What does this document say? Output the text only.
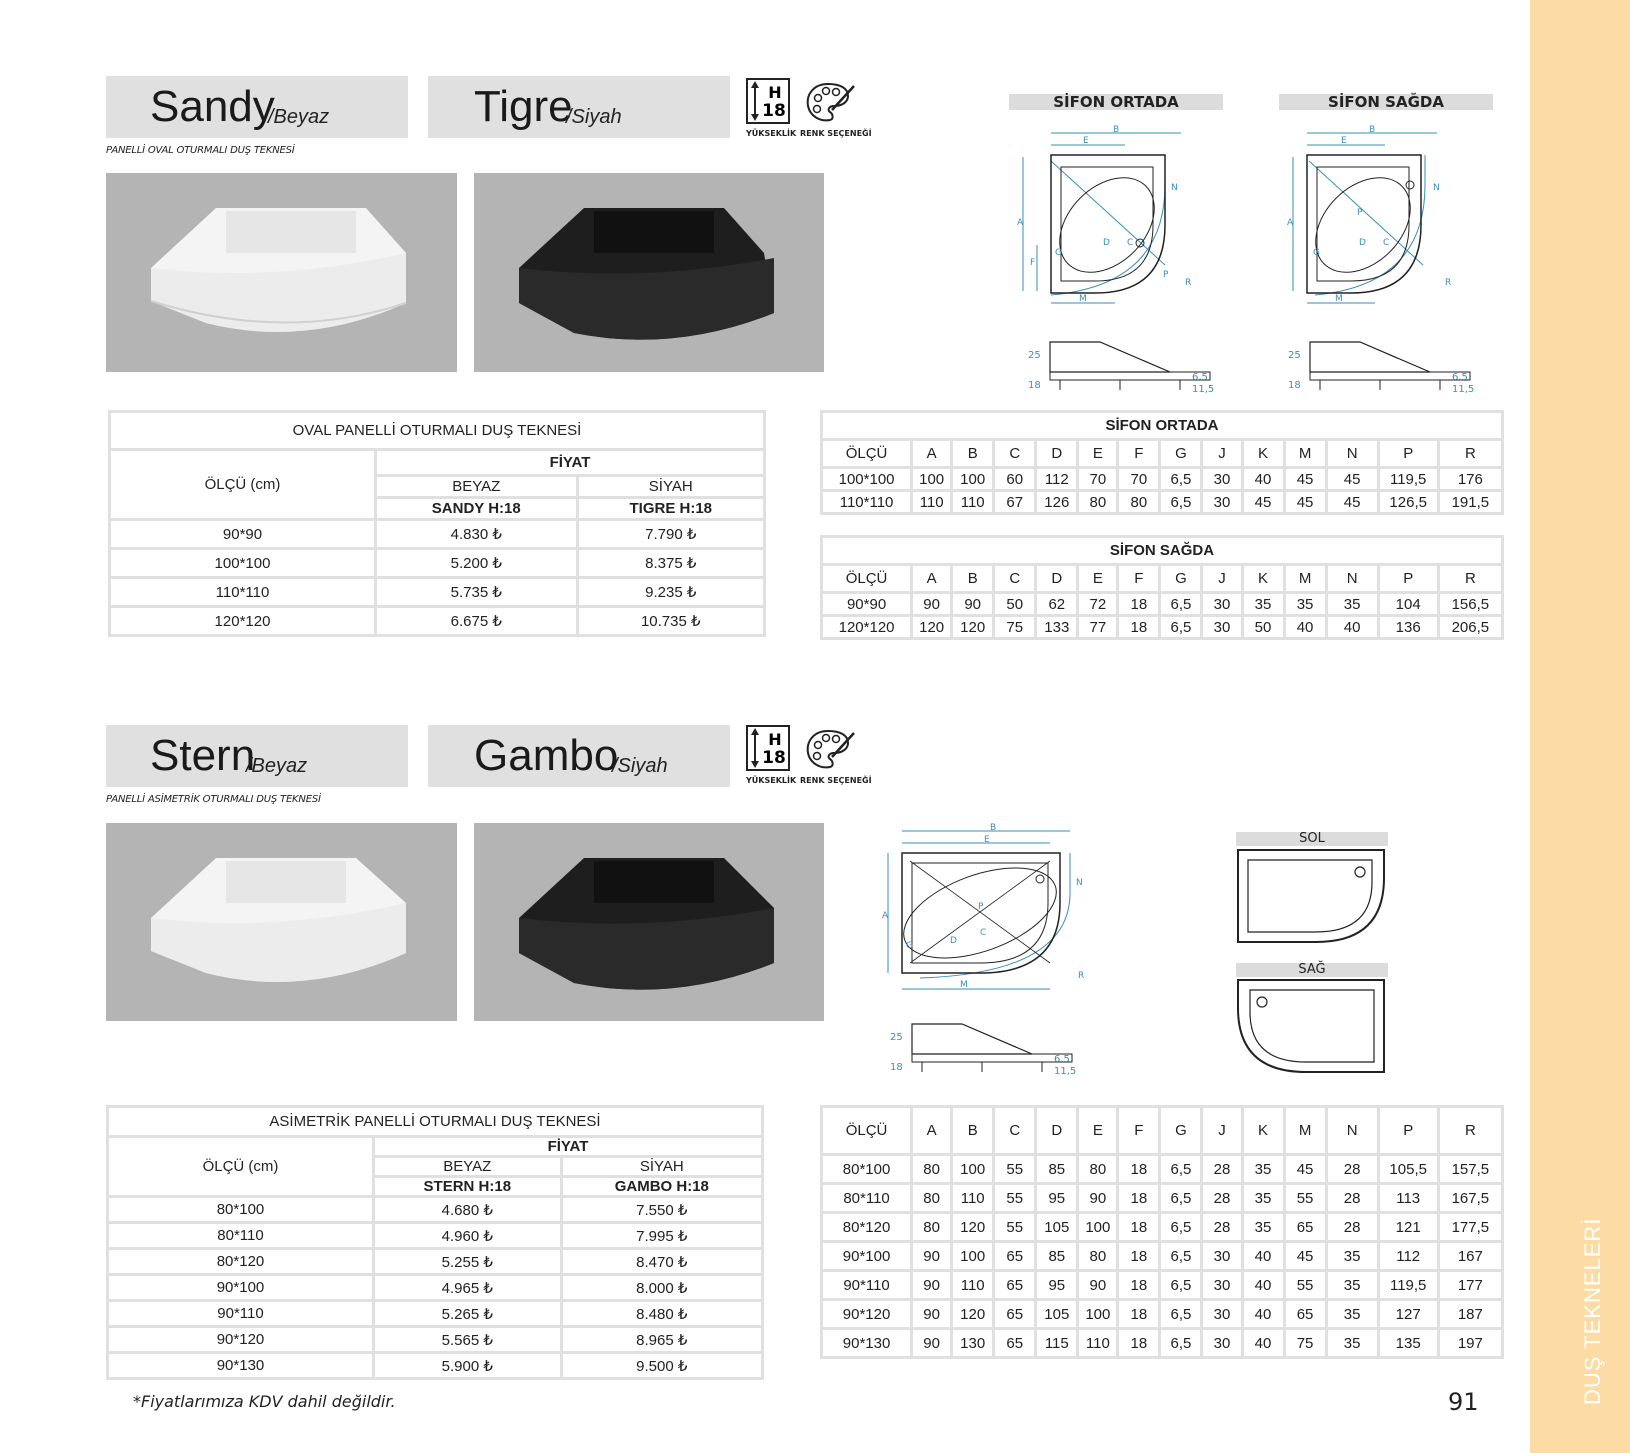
DUŞ TEKNELERİ
Sandy
/Beyaz	Tigre
/Siyah
PANELLİ OVAL OTURMALI DUŞ TEKNESİ
H
18
YÜKSEKLİK RENK SEÇENEĞİ
SİFON ORTADA	SİFON SAĞDA
B
E
A
F
M
N
G
D C
P
R
B
E
A
M
N
G
D C
P
R
25
18
6,5
11,5
25
18
6,5
11,5
OVAL PANELLİ OTURMALI DUŞ TEKNESİ		
ÖLÇÜ (cm)	FİYAT	
	BEYAZ	SİYAH
	SANDY H:18	TIGRE H:18
90*90	4.830 ₺	7.790 ₺
100*100	5.200 ₺	8.375 ₺
110*110	5.735 ₺	9.235 ₺
120*120	6.675 ₺	10.735 ₺
SİFON ORTADA													
ÖLÇÜ	A	B	C	D	E	F	G	J	K	M	N	P	R
100*100	100	100	60	112	70	70	6,5	30	40	45	45	119,5	176
110*110	110	110	67	126	80	80	6,5	30	45	45	45	126,5	191,5
SİFON SAĞDA													
ÖLÇÜ	A	B	C	D	E	F	G	J	K	M	N	P	R
90*90	90	90	50	62	72	18	6,5	30	35	35	35	104	156,5
120*120	120	120	75	133	77	18	6,5	30	50	40	40	136	206,5
Stern
/Beyaz	Gambo
/Siyah
PANELLİ ASİMETRİK OTURMALI DUŞ TEKNESİ
H
18
YÜKSEKLİK RENK SEÇENEĞİ
B
E
A
M
N
G	D
C
P
R
25
18
6,5
11,5
SOL
SAĞ
ASİMETRİK PANELLİ OTURMALI DUŞ TEKNESİ		
ÖLÇÜ (cm)	FİYAT	
	BEYAZ	SİYAH
	STERN H:18	GAMBO H:18
80*100	4.680 ₺	7.550 ₺
80*110	4.960 ₺	7.995 ₺
80*120	5.255 ₺	8.470 ₺
90*100	4.965 ₺	8.000 ₺
90*110	5.265 ₺	8.480 ₺
90*120	5.565 ₺	8.965 ₺
90*130	5.900 ₺	9.500 ₺
ÖLÇÜ	A	B	C	D	E	F	G	J	K	M	N	P	R
80*100	80	100	55	85	80	18	6,5	28	35	45	28	105,5	157,5
80*110	80	110	55	95	90	18	6,5	28	35	55	28	113	167,5
80*120	80	120	55	105	100	18	6,5	28	35	65	28	121	177,5
90*100	90	100	65	85	80	18	6,5	30	40	45	35	112	167
90*110	90	110	65	95	90	18	6,5	30	40	55	35	119,5	177
90*120	90	120	65	105	100	18	6,5	30	40	65	35	127	187
90*130	90	130	65	115	110	18	6,5	30	40	75	35	135	197
*Fiyatlarımıza KDV dahil değildir.	91
